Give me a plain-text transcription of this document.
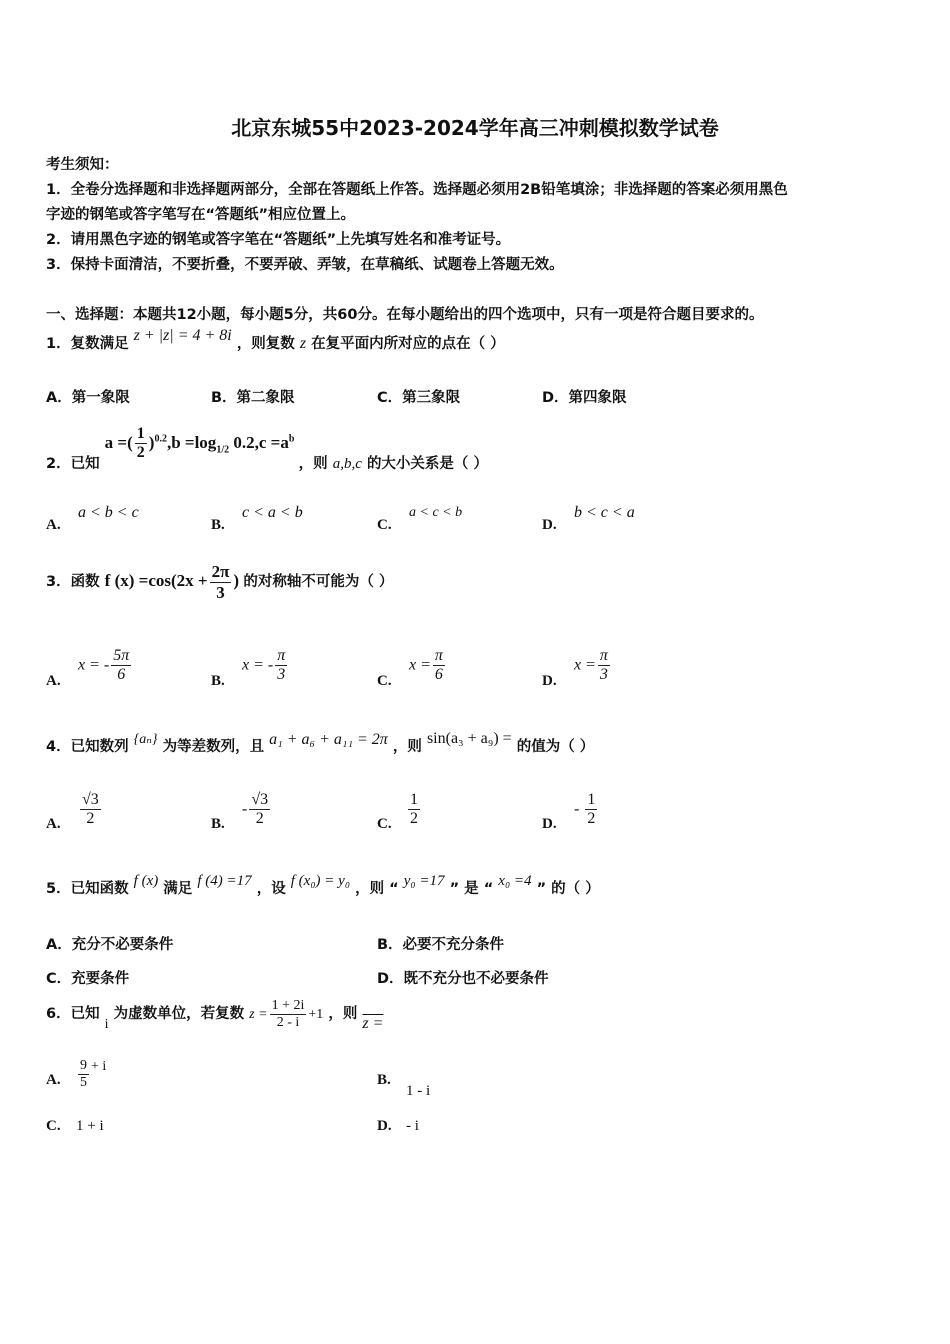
北京东城55中2023-2024学年高三冲刺模拟数学试卷
考生须知：
1．全卷分选择题和非选择题两部分，全部在答题纸上作答。选择题必须用2B铅笔填涂；非选择题的答案必须用黑色
字迹的钢笔或答字笔写在“答题纸”相应位置上。
2．请用黑色字迹的钢笔或答字笔在“答题纸”上先填写姓名和准考证号。
3．保持卡面清洁，不要折叠，不要弄破、弄皱，在草稿纸、试题卷上答题无效。
一、选择题：本题共12小题，每小题5分，共60分。在每小题给出的四个选项中，只有一项是符合题目要求的。
1．复数满足 z + |z| = 4 + 8i ，则复数 z 在复平面内所对应的点在（ ）
A．第一象限	B．第二象限	C．第三象限	D．第四象限
2．已知 a =( $\frac{1}{2} )^{0.2},b =\log_{1/2}$ $0.2,c =a^b$ ，则 a,b,c 的大小关系是（ ）
A.
a < b < c
B.
c < a < b
C.
a < c < b
D.
b < c < a
3．函数 f $(x) =\cos(2x + \frac{2\pi}{3}$ ) 的对称轴不可能为（ ）
A.
x = - $\frac{5\pi}{6}$	B.
x = - $\frac{\pi}{3}$	C.
$x = \frac{\pi}{6}$	D.
$x = \frac{\pi}{3}$
4．已知数列 {aₙ} 为等差数列，且 a₁ + a₆ + a₁₁ = 2π ，则 sin(a₃ + a₉) = 的值为（ ）
A. $\frac{√3}{2}$	B.
- $\frac{√3}{2}$	C. $\frac{1}{2}$	D.
- $\frac{1}{2}$
5．已知函数 f (x) 满足 f (4) =17 ，设 f (x₀) = y₀ ，则 “ y₀ =17 ” 是 “ x₀ =4 ” 的（ ）
A．充分不必要条件	B．必要不充分条件
C．充要条件	D．既不充分也不必要条件
6．已知 i 为虚数单位，若复数 $z = \frac{1 + 2i}{2 - i} +1$ ，则 z =
A. $\frac{9}{5} + i$
B.
1 - i
C. 1 + i	D. - i
